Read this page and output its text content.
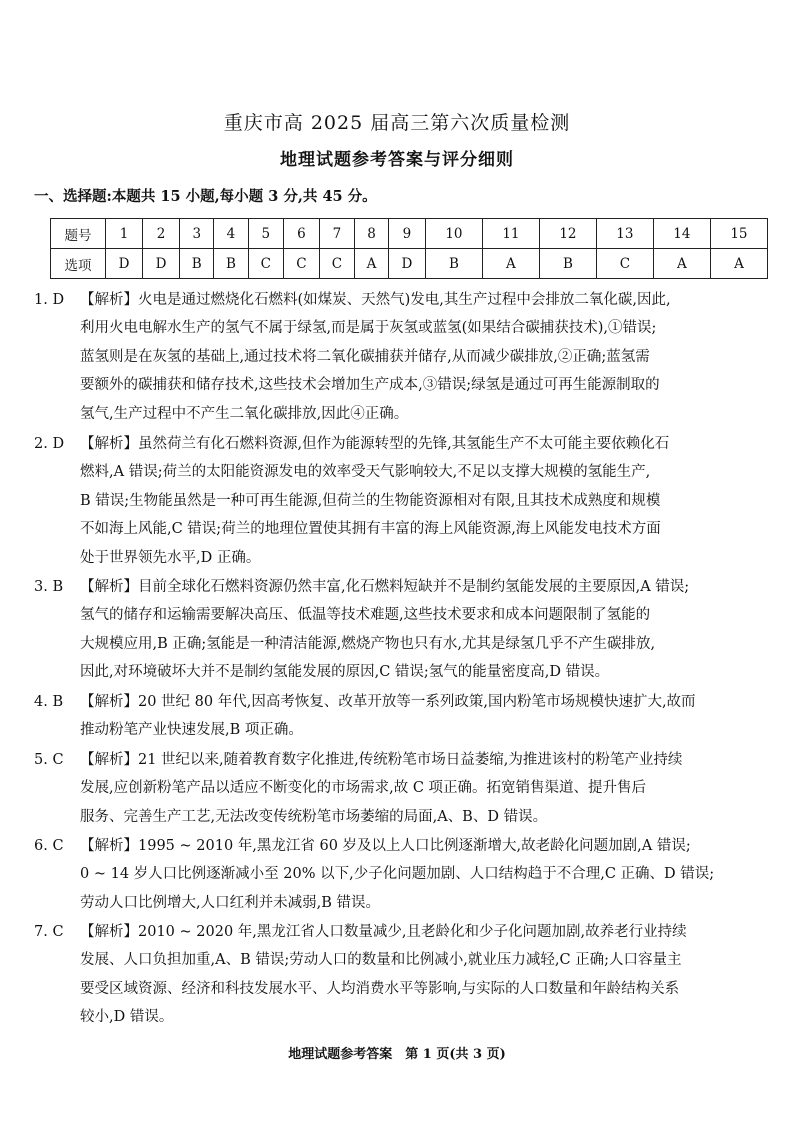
重庆市高 2025 届高三第六次质量检测
地理试题参考答案与评分细则
一、选择题:本题共 15 小题,每小题 3 分,共 45 分。
题号	1	2	3	4	5	6	7	8	9	10	11	12	13	14	15
选项	D	D	B	B	C	C	C	A	D	B	A	B	C	A	A

1. D 【解析】火电是通过燃烧化石燃料(如煤炭、天然气)发电,其生产过程中会排放二氧化碳,因此,

利用火电电解水生产的氢气不属于绿氢,而是属于灰氢或蓝氢(如果结合碳捕获技术),①错误;

蓝氢则是在灰氢的基础上,通过技术将二氧化碳捕获并储存,从而减少碳排放,②正确;蓝氢需

要额外的碳捕获和储存技术,这些技术会增加生产成本,③错误;绿氢是通过可再生能源制取的

氢气,生产过程中不产生二氧化碳排放,因此④正确。

2. D 【解析】虽然荷兰有化石燃料资源,但作为能源转型的先锋,其氢能生产不太可能主要依赖化石

燃料,A 错误;荷兰的太阳能资源发电的效率受天气影响较大,不足以支撑大规模的氢能生产,

B 错误;生物能虽然是一种可再生能源,但荷兰的生物能资源相对有限,且其技术成熟度和规模

不如海上风能,C 错误;荷兰的地理位置使其拥有丰富的海上风能资源,海上风能发电技术方面

处于世界领先水平,D 正确。

3. B 【解析】目前全球化石燃料资源仍然丰富,化石燃料短缺并不是制约氢能发展的主要原因,A 错误;

氢气的储存和运输需要解决高压、低温等技术难题,这些技术要求和成本问题限制了氢能的

大规模应用,B 正确;氢能是一种清洁能源,燃烧产物也只有水,尤其是绿氢几乎不产生碳排放,

因此,对环境破坏大并不是制约氢能发展的原因,C 错误;氢气的能量密度高,D 错误。

4. B 【解析】20 世纪 80 年代,因高考恢复、改革开放等一系列政策,国内粉笔市场规模快速扩大,故而

推动粉笔产业快速发展,B 项正确。

5. C 【解析】21 世纪以来,随着教育数字化推进,传统粉笔市场日益萎缩,为推进该村的粉笔产业持续

发展,应创新粉笔产品以适应不断变化的市场需求,故 C 项正确。拓宽销售渠道、提升售后

服务、完善生产工艺,无法改变传统粉笔市场萎缩的局面,A、B、D 错误。

6. C 【解析】1995 ~ 2010 年,黑龙江省 60 岁及以上人口比例逐渐增大,故老龄化问题加剧,A 错误;

0 ~ 14 岁人口比例逐渐减小至 20% 以下,少子化问题加剧、人口结构趋于不合理,C 正确、D 错误;

劳动人口比例增大,人口红利并未减弱,B 错误。

7. C 【解析】2010 ~ 2020 年,黑龙江省人口数量减少,且老龄化和少子化问题加剧,故养老行业持续

发展、人口负担加重,A、B 错误;劳动人口的数量和比例减小,就业压力减轻,C 正确;人口容量主

要受区域资源、经济和科技发展水平、人均消费水平等影响,与实际的人口数量和年龄结构关系

较小,D 错误。

地理试题参考答案　第 1 页(共 3 页)
